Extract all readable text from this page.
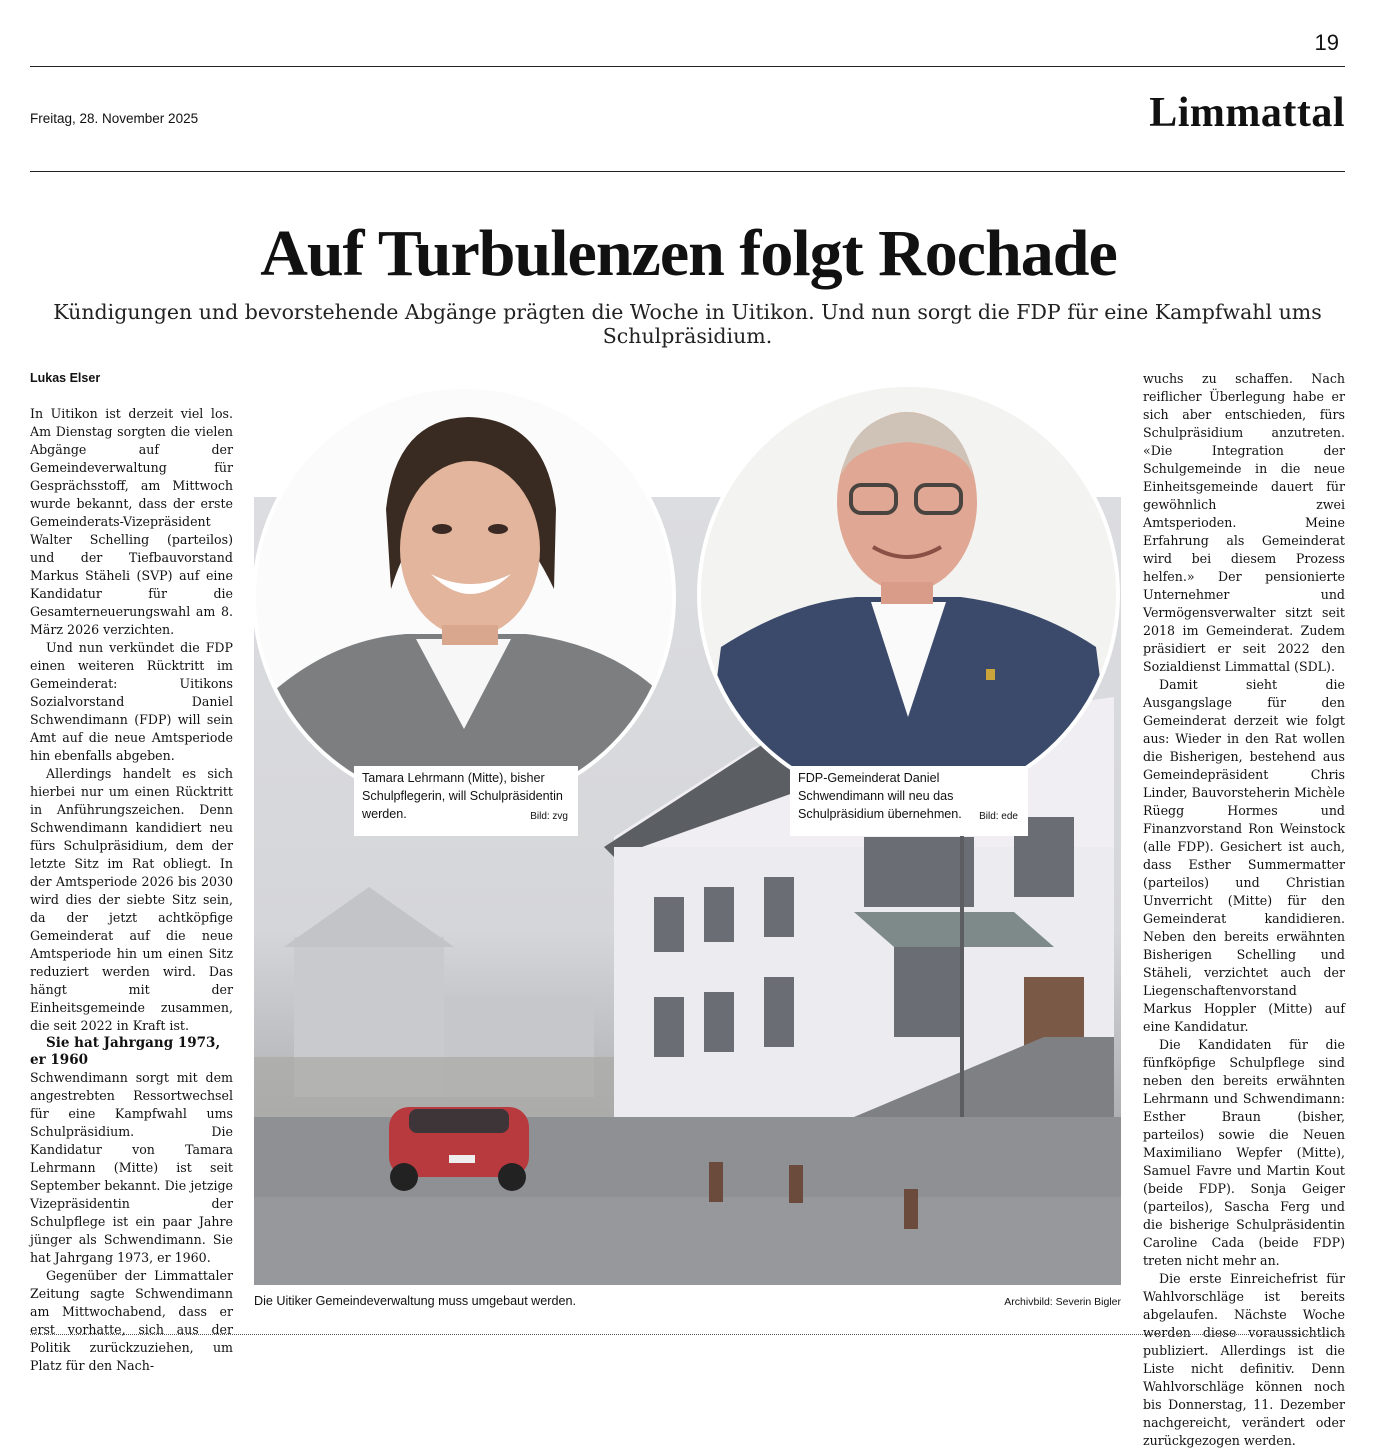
19
Freitag, 28. November 2025	Limmattal
Auf Turbulenzen folgt Rochade
Kündigungen und bevorstehende Abgänge prägten die Woche in Uitikon. Und nun sorgt die FDP für eine Kampfwahl ums Schulpräsidium.
Lukas Elser

In Uitikon ist derzeit viel los. Am Dienstag sorgten die vielen Abgänge auf der Gemeindeverwaltung für Gesprächsstoff, am Mittwoch wurde bekannt, dass der erste Gemeinderats-Vizepräsident Walter Schelling (parteilos) und der Tiefbauvorstand Markus Stäheli (SVP) auf eine Kandidatur für die Gesamterneuerungswahl am 8. März 2026 verzichten.

Und nun verkündet die FDP einen weiteren Rücktritt im Gemeinderat: Uitikons Sozialvorstand Daniel Schwendimann (FDP) will sein Amt auf die neue Amtsperiode hin ebenfalls abgeben.

Allerdings handelt es sich hierbei nur um einen Rücktritt in Anführungszeichen. Denn Schwendimann kandidiert neu fürs Schulpräsidium, dem der letzte Sitz im Rat obliegt. In der Amtsperiode 2026 bis 2030 wird dies der siebte Sitz sein, da der jetzt achtköpfige Gemeinderat auf die neue Amtsperiode hin um einen Sitz reduziert werden wird. Das hängt mit der Einheitsgemeinde zusammen, die seit 2022 in Kraft ist.

Sie hat Jahrgang 1973, er 1960

Schwendimann sorgt mit dem angestrebten Ressortwechsel für eine Kampfwahl ums Schulpräsidium. Die Kandidatur von Tamara Lehrmann (Mitte) ist seit September bekannt. Die jetzige Vizepräsidentin der Schulpflege ist ein paar Jahre jünger als Schwendimann. Sie hat Jahrgang 1973, er 1960.

Gegenüber der Limmattaler Zeitung sagte Schwendimann am Mittwochabend, dass er erst vorhatte, sich aus der Politik zurückzuziehen, um Platz für den Nach-

Tamara Lehrmann (Mitte), bisher Schulpflegerin, will Schulpräsidentin werden.	Bild: zvg
FDP-Gemeinderat Daniel Schwendimann will neu das Schulpräsidium übernehmen. Bild: ede
Die Uitiker Gemeindeverwaltung muss umgebaut werden.	Archivbild: Severin Bigler

wuchs zu schaffen. Nach reiflicher Überlegung habe er sich aber entschieden, fürs Schulpräsidium anzutreten. «Die Integration der Schulgemeinde in die neue Einheitsgemeinde dauert für gewöhnlich zwei Amtsperioden. Meine Erfahrung als Gemeinderat wird bei diesem Prozess helfen.» Der pensionierte Unternehmer und Vermögensverwalter sitzt seit 2018 im Gemeinderat. Zudem präsidiert er seit 2022 den Sozialdienst Limmattal (SDL).

Damit sieht die Ausgangslage für den Gemeinderat derzeit wie folgt aus: Wieder in den Rat wollen die Bisherigen, bestehend aus Gemeindepräsident Chris Linder, Bauvorsteherin Michèle Rüegg Hormes und Finanzvorstand Ron Weinstock (alle FDP). Gesichert ist auch, dass Esther Summermatter (parteilos) und Christian Unverricht (Mitte) für den Gemeinderat kandidieren. Neben den bereits erwähnten Bisherigen Schelling und Stäheli, verzichtet auch der Liegenschaftenvorstand Markus Hoppler (Mitte) auf eine Kandidatur.

Die Kandidaten für die fünfköpfige Schulpflege sind neben den bereits erwähnten Lehrmann und Schwendimann: Esther Braun (bisher, parteilos) sowie die Neuen Maximiliano Wepfer (Mitte), Samuel Favre und Martin Kout (beide FDP). Sonja Geiger (parteilos), Sascha Ferg und die bisherige Schulpräsidentin Caroline Cada (beide FDP) treten nicht mehr an.

Die erste Einreichefrist für Wahlvorschläge ist bereits abgelaufen. Nächste Woche werden diese voraussichtlich publiziert. Allerdings ist die Liste nicht definitiv. Denn Wahlvorschläge können noch bis Donnerstag, 11. Dezember nachgereicht, verändert oder zurückgezogen werden.
